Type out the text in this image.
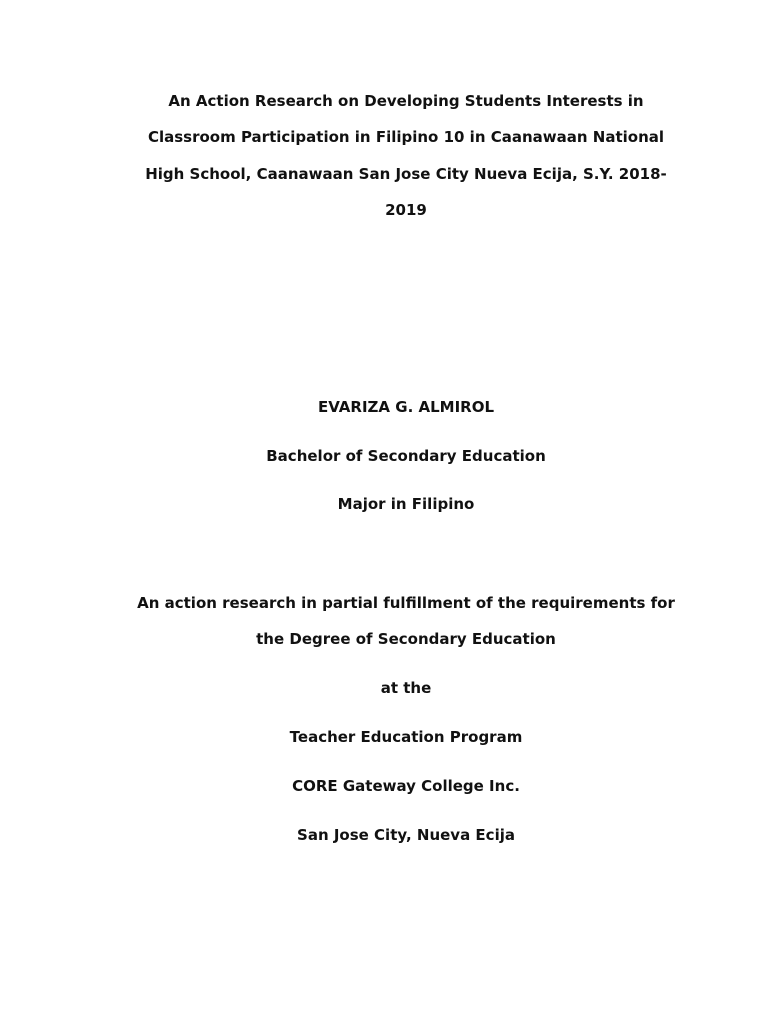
An Action Research on Developing Students Interests in

Classroom Participation in Filipino 10 in Caanawaan National

High School, Caanawaan San Jose City Nueva Ecija, S.Y. 2018-

2019

EVARIZA G. ALMIROL

Bachelor of Secondary Education

Major in Filipino

An action research in partial fulfillment of the requirements for

the Degree of Secondary Education

at the

Teacher Education Program

CORE Gateway College Inc.

San Jose City, Nueva Ecija
